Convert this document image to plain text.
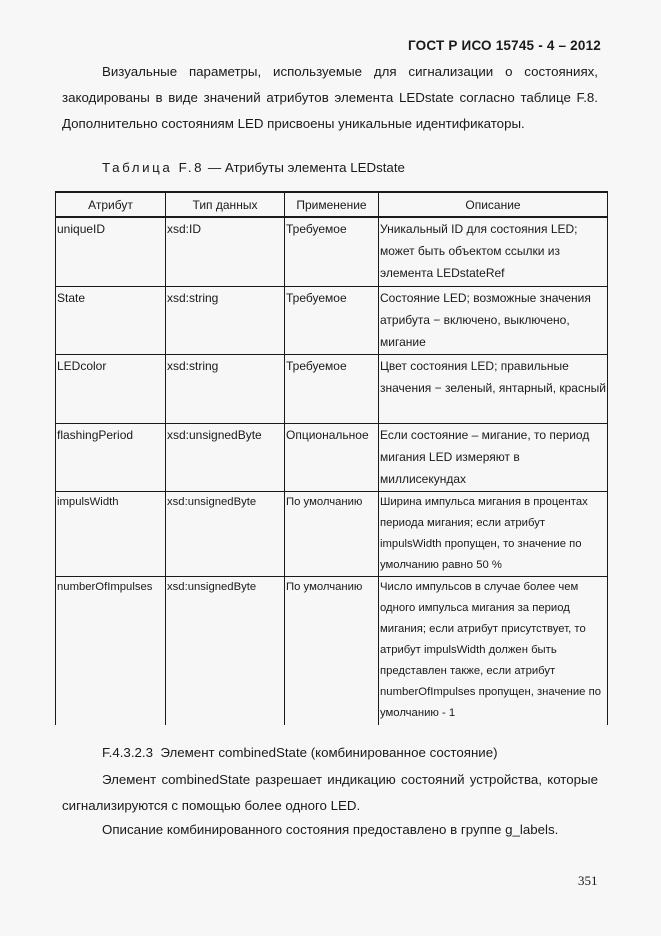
ГОСТ Р ИСО 15745 - 4 – 2012
Визуальные параметры, используемые для сигнализации о состояниях, закодированы в виде значений атрибутов элемента LEDstate согласно таблице F.8. Дополнительно состояниям LED присвоены уникальные идентификаторы.
Таблица F.8 — Атрибуты элемента LEDstate
Атрибут	Тип данных	Применение	Описание
uniqueID	xsd:ID	Требуемое	Уникальный ID для состояния LED; может быть объектом ссылки из элемента LEDstateRef
State	xsd:string	Требуемое	Состояние LED; возможные значения атрибута − включено, выключено, мигание
LEDcolor	xsd:string	Требуемое	Цвет состояния LED; правильные значения − зеленый, янтарный, красный
flashingPeriod	xsd:unsignedByte	Опциональное	Если состояние – мигание, то период мигания LED измеряют в миллисекундах
impulsWidth	xsd:unsignedByte	По умолчанию	Ширина импульса мигания в процентах периода мигания; если атрибут impulsWidth пропущен, то значение по умолчанию равно 50 %
numberOfImpulses	xsd:unsignedByte	По умолчанию	Число импульсов в случае более чем одного импульса мигания за период мигания; если атрибут присутствует, то атрибут impulsWidth должен быть представлен также, если атрибут numberOfImpulses пропущен, значение по умолчанию - 1
F.4.3.2.3  Элемент combinedState (комбинированное состояние)
Элемент combinedState разрешает индикацию состояний устройства, которые сигнализируются с помощью более одного LED.
Описание комбинированного состояния предоставлено в группе g_labels.
351
